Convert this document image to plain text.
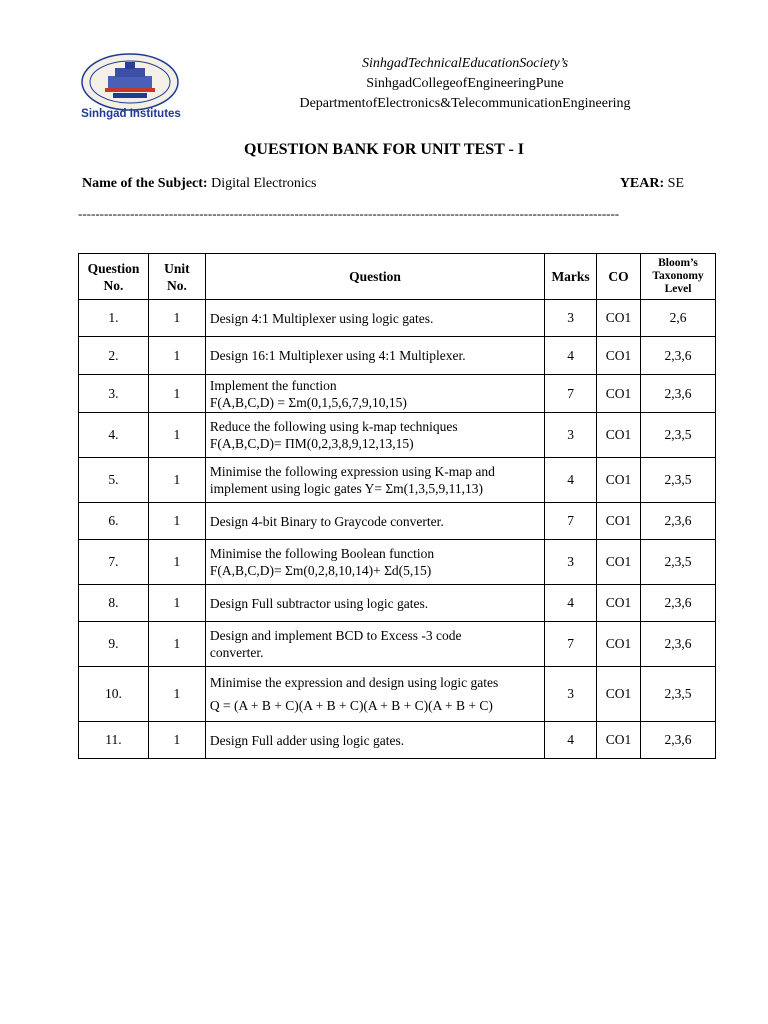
Sinhgad Institutes
SinhgadTechnicalEducationSociety’s
SinhgadCollegeofEngineeringPune
DepartmentofElectronics&TelecommunicationEngineering
QUESTION BANK FOR UNIT TEST - I
Name of the Subject: Digital Electronics	YEAR: SE
-----------------------------------------------------------------------------------------------------------------------------
Question No.	Unit No.	Question	Marks	CO	Bloom’s Taxonomy Level
1.	1	Design 4:1 Multiplexer using logic gates.	3	CO1	2,6
2.	1	Design 16:1 Multiplexer using 4:1 Multiplexer.	4	CO1	2,3,6
3.	1	Implement the function
F(A,B,C,D) = Σm(0,1,5,6,7,9,10,15)	7	CO1	2,3,6
4.	1	Reduce the following using k-map techniques
F(A,B,C,D)= ΠM(0,2,3,8,9,12,13,15)	3	CO1	2,3,5
5.	1	Minimise the following expression using K-map and
implement using logic gates Y= Σm(1,3,5,9,11,13)	4	CO1	2,3,5
6.	1	Design 4-bit Binary to Graycode converter.	7	CO1	2,3,6
7.	1	Minimise the following Boolean function
F(A,B,C,D)= Σm(0,2,8,10,14)+ Σd(5,15)	3	CO1	2,3,5
8.	1	Design Full subtractor using logic gates.	4	CO1	2,3,6
9.	1	Design and implement BCD to Excess -3 code
converter.	7	CO1	2,3,6
10.	1	Minimise the expression and design using logic gates
Q = (A + B + C)(A + B + C)(A + B + C)(A + B + C)	3	CO1	2,3,5
11.	1	Design Full adder using logic gates.	4	CO1	2,3,6
